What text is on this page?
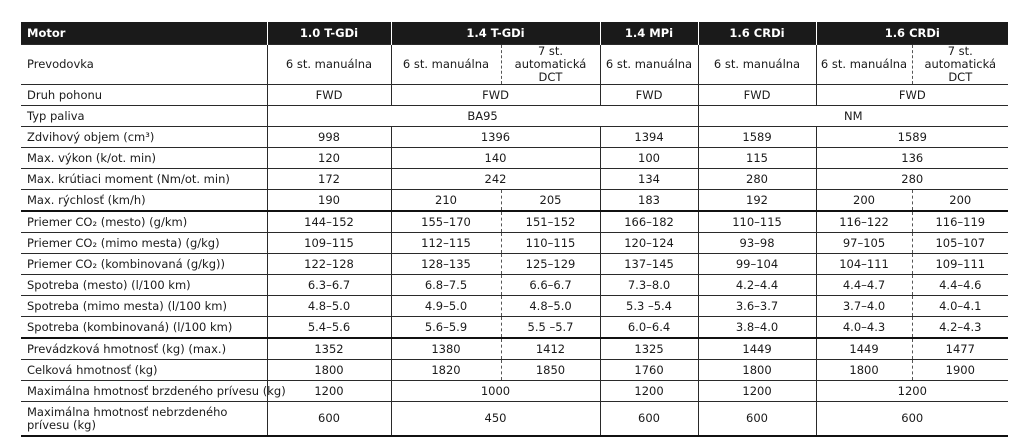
Motor	1.0 T-GDi	1.4 T-GDi		1.4 MPi	1.6 CRDi	1.6 CRDi	
Prevodovka	6 st. manuálna	6 st. manuálna	7 st. automatická DCT	6 st. manuálna	6 st. manuálna	6 st. manuálna	7 st. automatická DCT
Druh pohonu	FWD	FWD		FWD	FWD	FWD	
Typ paliva	BA95				NM		
Zdvihový objem (cm³)	998	1396		1394	1589	1589	
Max. výkon (k/ot. min)	120	140		100	115	136	
Max. krútiaci moment (Nm/ot. min)	172	242		134	280	280	
Max. rýchlosť (km/h)	190	210	205	183	192	200	200
Priemer CO₂ (mesto) (g/km)	144–152	155–170	151–152	166–182	110–115	116–122	116–119
Priemer CO₂ (mimo mesta) (g/kg)	109–115	112–115	110–115	120–124	93–98	97–105	105–107
Priemer CO₂ (kombinovaná (g/kg))	122–128	128–135	125–129	137–145	99–104	104–111	109–111
Spotreba (mesto) (l/100 km)	6.3–6.7	6.8–7.5	6.6–6.7	7.3–8.0	4.2–4.4	4.4–4.7	4.4–4.6
Spotreba (mimo mesta) (l/100 km)	4.8–5.0	4.9–5.0	4.8–5.0	5.3 –5.4	3.6–3.7	3.7–4.0	4.0–4.1
Spotreba (kombinovaná) (l/100 km)	5.4–5.6	5.6–5.9	5.5 –5.7	6.0–6.4	3.8–4.0	4.0–4.3	4.2–4.3
Prevádzková hmotnosť (kg) (max.)	1352	1380	1412	1325	1449	1449	1477
Celková hmotnosť (kg)	1800	1820	1850	1760	1800	1800	1900
Maximálna hmotnosť brzdeného prívesu (kg)	1200	1000		1200	1200	1200	
Maximálna hmotnosť nebrzdeného prívesu (kg)	600	450		600	600	600	
